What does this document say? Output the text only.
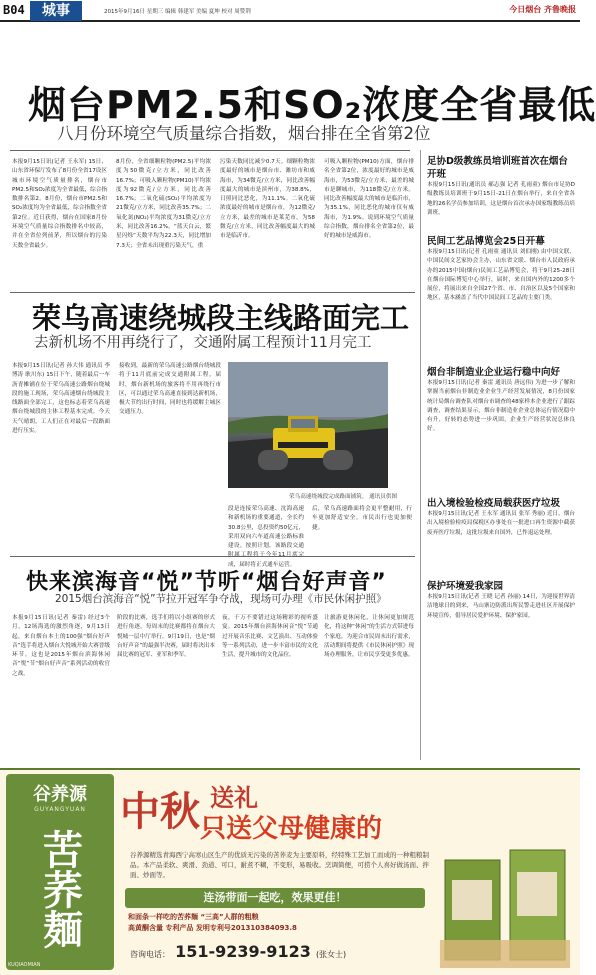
B04	城事	2015年9月16日 星期三 编辑 韩建军 美编 夏坤 校对 周赞荆	今日烟台 齐鲁晚报
烟台PM2.5和SO₂浓度全省最低
八月份环境空气质量综合指数，烟台排在全省第2位
本报9月15日讯(记者 王永军) 15日，山东省环保厅发布了8月份全省17设区城市环境空气质量排名，烟台市PM2.5和SO₂浓度为全省最低，综合指数排名第2。8月份，烟台市PM2.5和SO₂浓度均为全省最低，综合指数全省第2位。近日获得，烟台在国家8月份环境空气质量综合指数排名中较高，并在全省位列前茅，所以烟台的污染天数全省最少。
8月份，全省细颗粒物(PM2.5)平均浓度为50微克/立方米，同比改善16.7%；可吸入颗粒物(PM10)平均浓度为92微克/立方米，同比改善16.7%；二氧化硫(SO₂)平均浓度为21微克/立方米，同比改善35.7%；二氧化氮(NO₂)平均浓度为31微克/立方米，同比改善16.2%。“蓝天白云，繁星闪烁”天数平均为22.3天，同比增加7.3天；全省未出现重污染天气，重
污染天数同比减少0.7天。细颗粒物浓度最好的城市是烟台市、潍坊市和威海市，为34微克/立方米，同比改善幅度最大的城市是滨州市，为38.8%，日照同比恶化，为11.1%。二氧化硫浓度最好的城市是烟台市，为12微克/立方米，最差的城市是莱芜市，为58微克/立方米，同比改善幅度最大的城市是临沂市。
可吸入颗粒物(PM10)方面，烟台排名全省第2位，浓度最好的城市是威海市，为53微克/立方米，最差的城市是聊城市，为118微克/立方米。同比改善幅度最大的城市是临沂市，为35.1%，同比恶化的城市仅有威海市，为1.9%。说到环境空气质量综合指数，烟台排名全省第2位，最好的城市是威海市。
足协D级教练员培训班首次在烟台开班
本报9月15日讯(通讯员 郝志强 记者 孔雨童) 烟台市足协D级教练员培训班于9月15日-21日在烟台举行，来自全省各地的26名学员参加培训，这是烟台首次承办国家级教练员培训班。
民间工艺品博览会25日开幕
本报9月15日讯(记者 孔雨童 通讯员 刘伯刚) 由中国文联、中国民间文艺家协会主办，山东省文联、烟台市人民政府承办的2015中国(烟台)民间工艺品博览会，将于9月25-28日在烟台国际博览中心举行，届时，来自国内外的1200多个展位，将展出来自全国27个省、市、自治区以及5个国家和地区，基本涵盖了当代中国民间工艺品的主要门类。
烟台非制造业企业运行稳中向好
本报9月15日讯(记者 秦雷 通讯员 唐远伟) 为进一步了解和掌握当前烟台非制造业企业生产经营发展情况，8月份国家统计局烟台调查队对烟台市调查的48家样本企业进行了跟踪调查，调查结果显示，烟台非制造业企业总体运行情况稳中有升，好转的态势进一步巩固，企业生产经营状况总体良好。
出入境检验检疫局载获医疗垃圾
本报9月15日讯(记者 王永军 通讯员 张军 秀丽) 近日，烟台出入境检验检疫局保税区办事处在一批进口再生资源中截获废弃医疗垃圾，这批垃圾来自国外，已作退运处理。
保护环境爱我家园
本报9月15日讯(记者 王晓 记者 孙丽) 14日，为迎接世界清洁地球日的到来，马山寨边防派出所民警走进社区开展保护环境宣传，倡导居民爱护环境、保护家园。
荣乌高速绕城段主线路面完工
去新机场不用再绕行了，交通附属工程预计11月完工
本报9月15日讯(记者 孙大伟 通讯员 李博涛 耿川东) 15日下午，随着最后一车沥青摊铺在位于荣乌高速公路烟台绕城段的施工现场，荣乌高速烟台绕城段主线路面全部完工，这也标志着荣乌高速烟台绕城段的主体工程基本完成。今天天气晴朗，工人们正在对最后一段路面进行压实。
接收到，最新的荣乌高速公路烟台绕城段将于11月底前完成交通附属工程，届时，烟台新机场的旅客将不用再绕行市区，可以通过荣乌高速直接到达新机场，极大节约出行时间，同时也将缓解主城区交通压力。
荣乌高速绕城段完成路面铺筑。 通讯员供图
段是连接荣乌高速、沈海高速和新机场的重要通道，全长约30.8公里，总投资约50亿元，采用双向六车道高速公路标准建设。按照计划，该路段交通 成，届时将正式通车运营。
后，荣乌高速路面将会更平整耐用，行车更加舒适安全，市民出行也更加便捷。
快来滨海音“悦”节听“烟台好声音”
2015烟台滨海音“悦”节拉开冠军争夺战，现场可办理《市民休闲护照》
本报9月15日讯(记者 秦雷) 经过3个月，12场海选的激烈角逐，9月13日起，来自烟台本土的100强“烟台好声音”选手将进入烟台大悦城开始大赛晋级环节。这也是2015年烟台滨海休闲音“悦”节“烟台好声音”系列活动的收官之战。
阶段的比赛，选手们将以小组赛的形式进行角逐，每周末的比赛都将在烟台大悦城一层中厅举行，9月19日，也是“烟台好声音”的最强半决赛，届时将决出本届比赛的冠军、亚军和季军。
夜，千万不要错过这场精彩的视听盛宴。2015年烟台滨海休闲音“悦”节通过开展音乐比赛、文艺演出、互动体验等一系列活动，进一步丰富市民的文化生活，提升城市的文化品位。
让旅游更休闲化，让休闲更加规范化，将这种“休闲”的生活方式带进每个家庭。为迎合市民周末出行需求，活动期间将提供《市民休闲护照》现场办理服务，让市民享受更多优惠。
谷养源
GUYANGYUAN
苦荞麺
中秋 送礼
只送父母健康的
谷养源精选青海西宁高寒山区生产的优质无污染的苦荞麦为主要原料，经特殊工艺加工而成的一种粗粮制品。本产品柔软、爽滑、劲道、可口，耐煮不糊，不变形，易吸收。烹调简便，可捞个人喜好做汤面、拌面、炒面等。
连汤带面一起吃，效果更佳！
和面条一样吃的苦荞麺 “三高”人群的粗粮
高黄酮含量 专利产品 发明专利号201310384093.8
咨询电话： 151-9239-9123 (张女士)
KUQIAOMIAN
